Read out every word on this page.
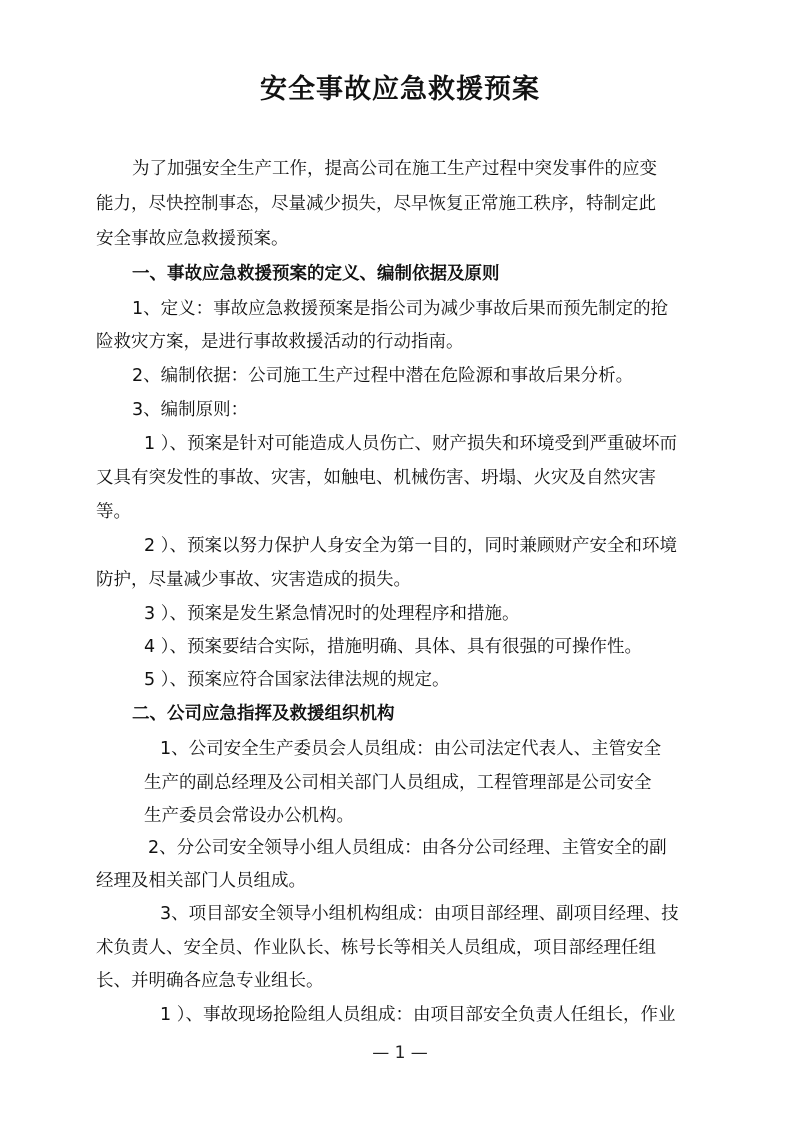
安全事故应急救援预案
为了加强安全生产工作，提高公司在施工生产过程中突发事件的应变
能力，尽快控制事态，尽量减少损失，尽早恢复正常施工秩序，特制定此
安全事故应急救援预案。
一、事故应急救援预案的定义、编制依据及原则
1、定义：事故应急救援预案是指公司为减少事故后果而预先制定的抢
险救灾方案，是进行事故救援活动的行动指南。
2、编制依据：公司施工生产过程中潜在危险源和事故后果分析。
3、编制原则：
1 ）、预案是针对可能造成人员伤亡、财产损失和环境受到严重破坏而
又具有突发性的事故、灾害，如触电、机械伤害、坍塌、火灾及自然灾害
等。
2 ）、预案以努力保护人身安全为第一目的，同时兼顾财产安全和环境
防护，尽量减少事故、灾害造成的损失。
3 ）、预案是发生紧急情况时的处理程序和措施。
4 ）、预案要结合实际，措施明确、具体、具有很强的可操作性。
5 ）、预案应符合国家法律法规的规定。
二、公司应急指挥及救援组织机构
1、公司安全生产委员会人员组成：由公司法定代表人、主管安全
生产的副总经理及公司相关部门人员组成，工程管理部是公司安全
生产委员会常设办公机构。
2、分公司安全领导小组人员组成：由各分公司经理、主管安全的副
经理及相关部门人员组成。
3、项目部安全领导小组机构组成：由项目部经理、副项目经理、技
术负责人、安全员、作业队长、栋号长等相关人员组成，项目部经理任组
长、并明确各应急专业组长。
1 ）、事故现场抢险组人员组成：由项目部安全负责人任组长，作业
— 1 —
